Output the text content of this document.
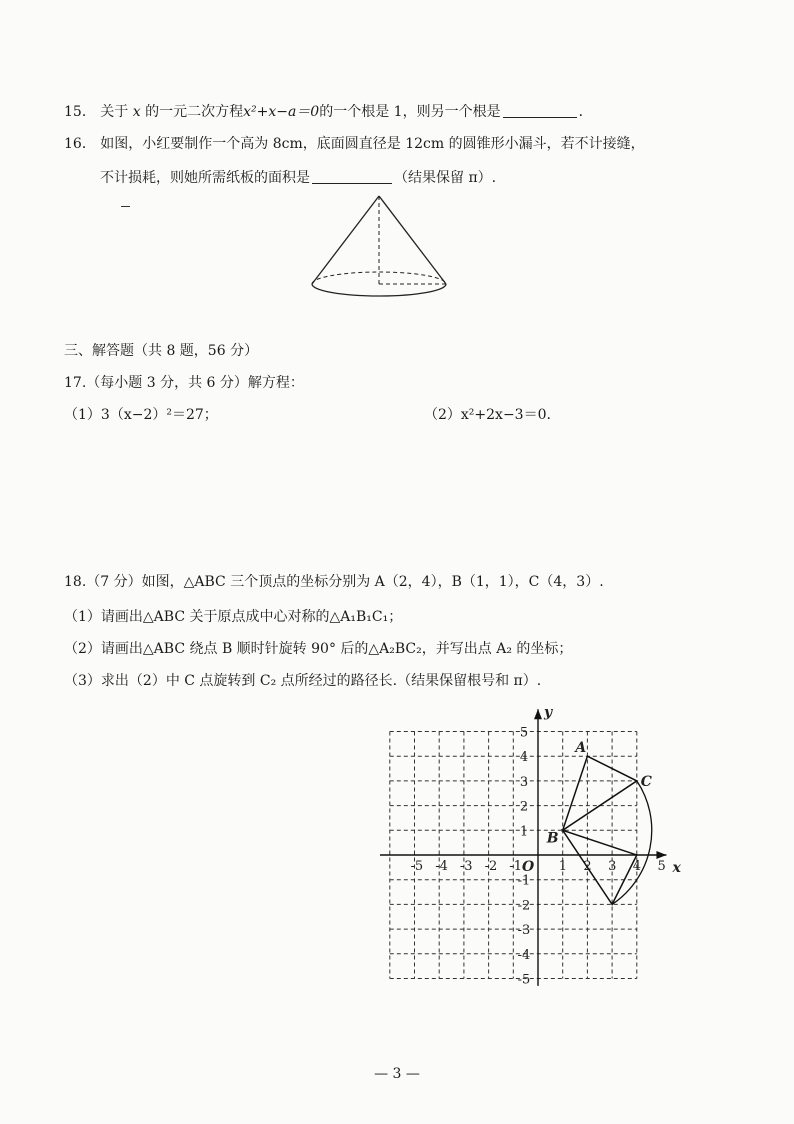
15． 关于 x 的一元二次方程x²+x−a＝0的一个根是 1，则另一个根是	．
16． 如图，小红要制作一个高为 8cm，底面圆直径是 12cm 的圆锥形小漏斗，若不计接缝，
不计损耗，则她所需纸板的面积是	（结果保留 π）.
三、解答题（共 8 题，56 分）
17.（每小题 3 分，共 6 分）解方程：
（1）3（x−2）²＝27；	（2）x²+2x−3＝0.
18.（7 分）如图，△ABC 三个顶点的坐标分别为 A（2，4），B（1，1），C（4，3）.
（1）请画出△ABC 关于原点成中心对称的△A₁B₁C₁；
（2）请画出△ABC 绕点 B 顺时针旋转 90° 后的△A₂BC₂，并写出点 A₂ 的坐标；
（3）求出（2）中 C 点旋转到 C₂ 点所经过的路径长.（结果保留根号和 π）.
-5 -4 -3 -2 -1	1 2 3 4 5
5
4
3
2
1
-1
-2
-3
-4
-5
x
y
O
A
B
C
— 3 —
